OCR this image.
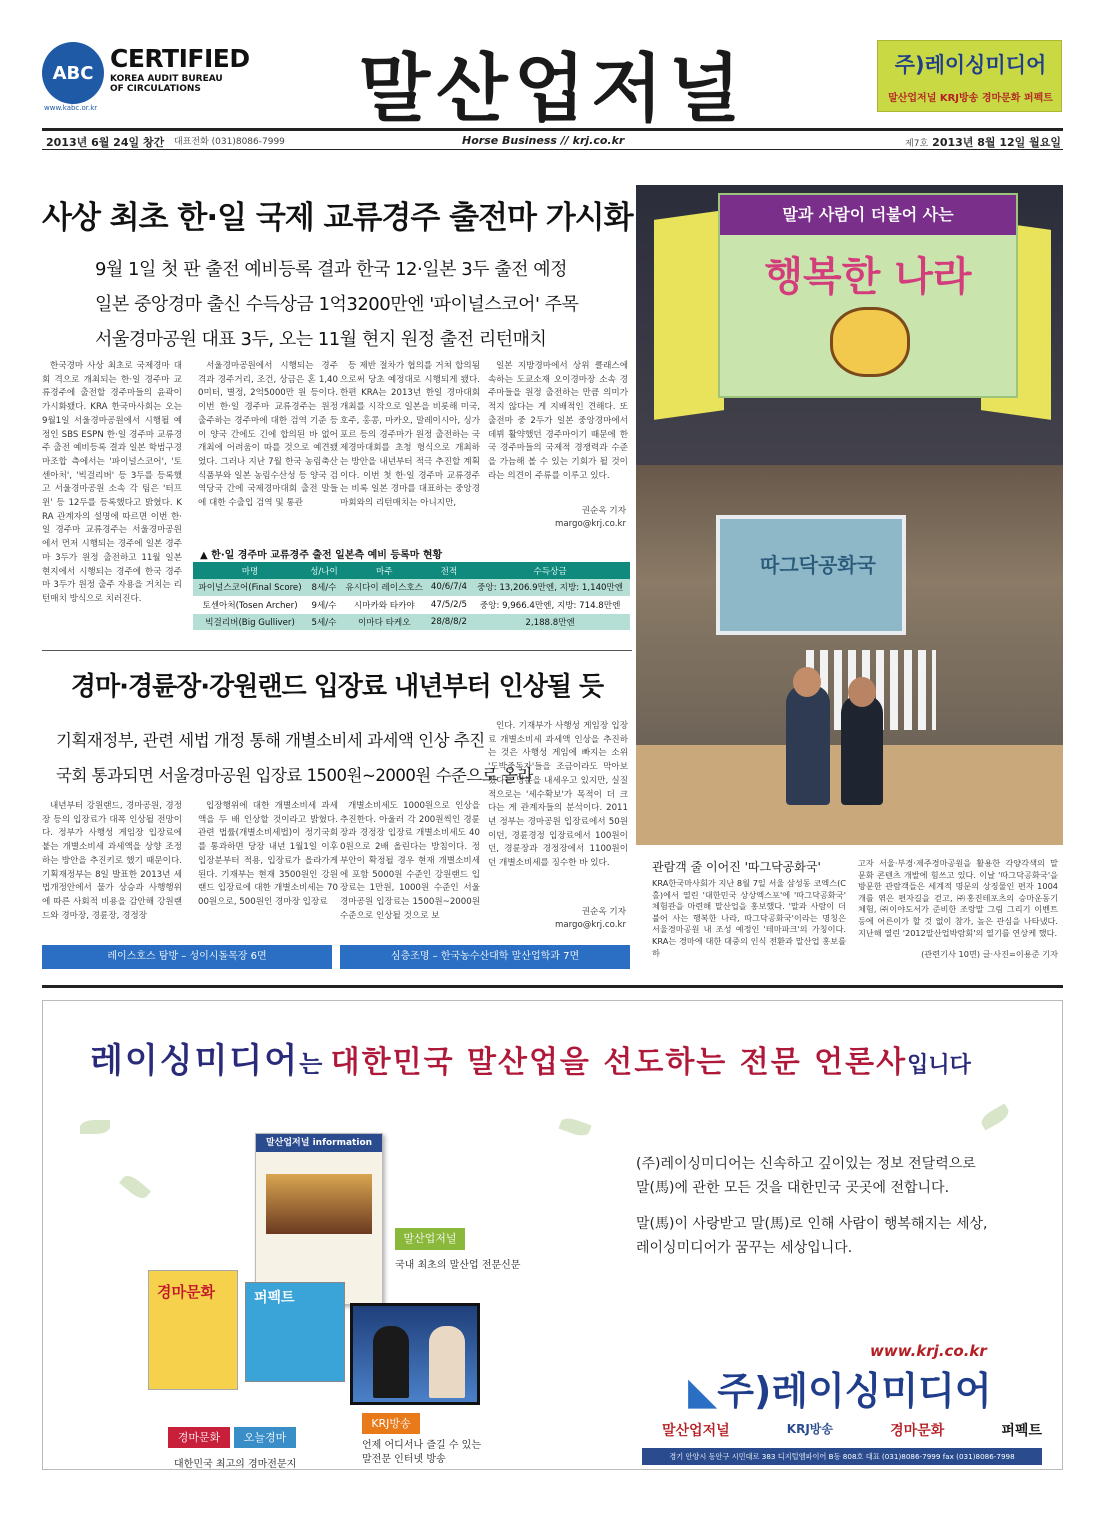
ABC CERTIFIED
KOREA AUDIT BUREAU OF CIRCULATIONS
www.kabc.or.kr	말산업저널	주)레이싱미디어
말산업저널 KRJ방송 경마문화 퍼펙트
2013년 6월 24일 창간 대표전화 (031)8086-7999	Horse Business // krj.co.kr	제7호 2013년 8월 12일 월요일
사상 최초 한·일 국제 교류경주 출전마 가시화
9월 1일 첫 판 출전 예비등록 결과 한국 12·일본 3두 출전 예정
일본 중앙경마 출신 수득상금 1억3200만엔 '파이널스코어' 주목
서울경마공원 대표 3두, 오는 11월 현지 원정 출전 리턴매치

한국경마 사상 최초로 국제경마 대회 격으로 개최되는 한·일 경주마 교류경주에 출전할 경주마들의 윤곽이 가시화됐다. KRA 한국마사회는 오는 9월1일 서울경마공원에서 시행될 예정인 SBS ESPN 한·일 경주마 교류경주 출전 예비등록 결과 일본 학범구경마조합 측에서는 '파이널스코어', '토센아처', '빅걸리버' 등 3두를 등록했고 서울경마공원 소속 각 팀은 '터프윈' 등 12두를 등록했다고 밝혔다. KRA 관계자의 설명에 따르면 이번 한·일 경주마 교류경주는 서울경마공원에서 먼저 시행되는 경주에 일본 경주마 3두가 원정 출전하고 11월 일본 현지에서 시행되는 경주에 한국 경주마 3두가 원정 출주 자용을 거치는 리턴매치 방식으로 치러진다.

서울경마공원에서 시행되는 경주 격과 경주거리, 조건, 상금은 혼 1,400미터, 별정, 2억5000만 원 등이다. 이번 한·일 경주마 교류경주는 원정 출주하는 경주마에 대한 검역 기준 등이 양국 간에도 긴에 합의된 바 없어 개최에 어려움이 따를 것으로 예견됐었다. 그러나 지난 7월 한국 농림축산식품부와 일본 농림수산성 등 양국 검역당국 간에 국제경마대회 출전 말들에 대한 수출입 검역 및 통관

등 제반 절차가 협의를 거쳐 합의됨으로써 당초 예정대로 시행되게 됐다. 한편 KRA는 2013년 한일 경마대회 개최를 시작으로 일본을 비롯해 미국, 호주, 홍콩, 마카오, 말레이시아, 싱가포르 등의 경주마가 원정 출전하는 국제경마대회를 초청 형식으로 개최하는 방안을 내년부터 적극 추진할 계획이다. 이번 첫 한·일 경주마 교류경주는 비록 일본 경마를 대표하는 중앙경마회와의 리턴매치는 아니지만,

일본 지방경마에서 상위 클래스에 속하는 도쿄소재 오이경마장 소속 경주마들을 원정 출전하는 만큼 의미가 적지 않다는 게 지배적인 견해다. 또 출전마 중 2두가 일본 중앙경마에서 데뷔 활약했던 경주마이기 때문에 한국 경주마들의 국제적 경쟁력과 수준을 가늠해 볼 수 있는 기회가 될 것이라는 의견이 주류를 이루고 있다.

권순옥 기자
margo@krj.co.kr
▲ 한·일 경주마 교류경주 출전 일본측 예비 등록마 현황
마명	성/나이	마주	전적	수득상금
파이널스코어(Final Score)	8세/수	유시다이 레이스호스	40/6/7/4	중앙: 13,206.9만엔, 지방: 1,140만엔
토센아처(Tosen Archer)	9세/수	시마카와 타카야	47/5/2/5	중앙: 9,966.4만엔, 지방: 714.8만엔
빅걸리버(Big Gulliver)	5세/수	이마다 타케오	28/8/8/2	2,188.8만엔
경마·경륜장·강원랜드 입장료 내년부터 인상될 듯
기획재정부, 관련 세법 개정 통해 개별소비세 과세액 인상 추진
국회 통과되면 서울경마공원 입장료 1500원~2000원 수준으로 올라

내년부터 강원랜드, 경마공원, 경정장 등의 입장료가 대폭 인상될 전망이다. 정부가 사행성 게임장 입장료에 붙는 개별소비세 과세액을 상향 조정하는 방안을 추진키로 했기 때문이다. 기획재정부는 8일 발표한 2013년 세법개정안에서 물가 상승과 사행행위에 따른 사회적 비용을 감안해 강원랜드와 경마장, 경륜장, 경정장

입장행위에 대한 개별소비세 과세액을 두 배 인상할 것이라고 밝혔다. 관련 법률(개별소비세법)이 정기국회를 통과하면 당장 내년 1월1일 이후 입장분부터 적용, 입장료가 올라가게 된다. 기재부는 현재 3500원인 강원랜드 입장료에 대한 개별소비세는 7000원으로, 500원인 경마장 입장료

개별소비세도 1000원으로 인상을 추진한다. 아울러 각 200원씩인 경륜장과 경정장 입장료 개별소비세도 400원으로 2배 올린다는 방침이다. 정부안이 확정될 경우 현재 개별소비세에 포함 5000원 수준인 강원랜드 입장료는 1만원, 1000원 수준인 서울경마공원 입장료는 1500원~2000원 수준으로 인상될 것으로 보

인다. 기재부가 사행성 게임장 입장료 개별소비세 과세액 인상을 추진하는 것은 사행성 게임에 빠지는 소위 '도박중독자'들을 조금이라도 막아보겠다는 명분을 내세우고 있지만, 실질적으로는 '세수확보'가 목적이 더 크다는 게 관계자들의 분석이다. 2011년 정부는 경마공원 입장료에서 50원이던, 경륜경정 입장료에서 100원이던, 경륜장과 경정장에서 1100원이던 개별소비세를 징수한 바 있다.

권순옥 기자
margo@krj.co.kr
레이스호스 탐방 – 성이시돌목장 6면	심층조명 – 한국농수산대학 말산업학과 7면
말과 사람이 더불어 사는
행복한 나라
따그닥공화국
관람객 줄 이어진 '따그닥공화국'
KRA한국마사회가 지난 8월 7일 서울 삼성동 코엑스(C홀)에서 열린 '대한민국 상상엑스포'에 '따그닥공화국' 체험관을 마련해 말산업을 홍보했다. '말과 사람이 더불어 사는 행복한 나라, 따그닥공화국'이라는 명칭은 서울경마공원 내 조성 예정인 '테마파크'의 가칭이다. KRA는 경마에 대한 대중의 인식 전환과 말산업 홍보를 하
고자 서울·부경·제주경마공원을 활용한 각양각색의 말 문화 콘텐츠 개발에 힘쓰고 있다. 이날 '따그닥공화국'을 방문한 관람객들은 세계적 명문의 상징물인 편자 1004개를 엮은 편자길을 걷고, ㈜홍진테포츠의 승마운동기 체험, ㈜이야도서가 준비한 조랑말 그림 그리기 이벤트 등에 어른이가 할 것 없이 참가, 높은 관심을 나타냈다. 지난해 열린 '2012말산업박람회'의 열기를 연상케 했다.
(관련기사 10면) 글·사진=이용준 기자
레이싱미디어는 대한민국 말산업을 선도하는 전문 언론사입니다
말산업저널 information
말산업저널
국내 최초의 말산업 전문신문
경마문화	퍼펙트
경마문화	오늘경마
대한민국 최고의 경마전문지
KRJ방송
언제 어디서나 즐길 수 있는
말전문 인터넷 방송

(주)레이싱미디어는 신속하고 깊이있는 정보 전달력으로
말(馬)에 관한 모든 것을 대한민국 곳곳에 전합니다.

말(馬)이 사랑받고 말(馬)로 인해 사람이 행복해지는 세상,
레이싱미디어가 꿈꾸는 세상입니다.

www.krj.co.kr
◣주)레이싱미디어
말산업저널	KRJ방송	경마문화	퍼펙트
경기 안양시 동안구 시민대로 383 디지털엠파이어 B동 808호 대표 (031)8086-7999 fax (031)8086-7998
